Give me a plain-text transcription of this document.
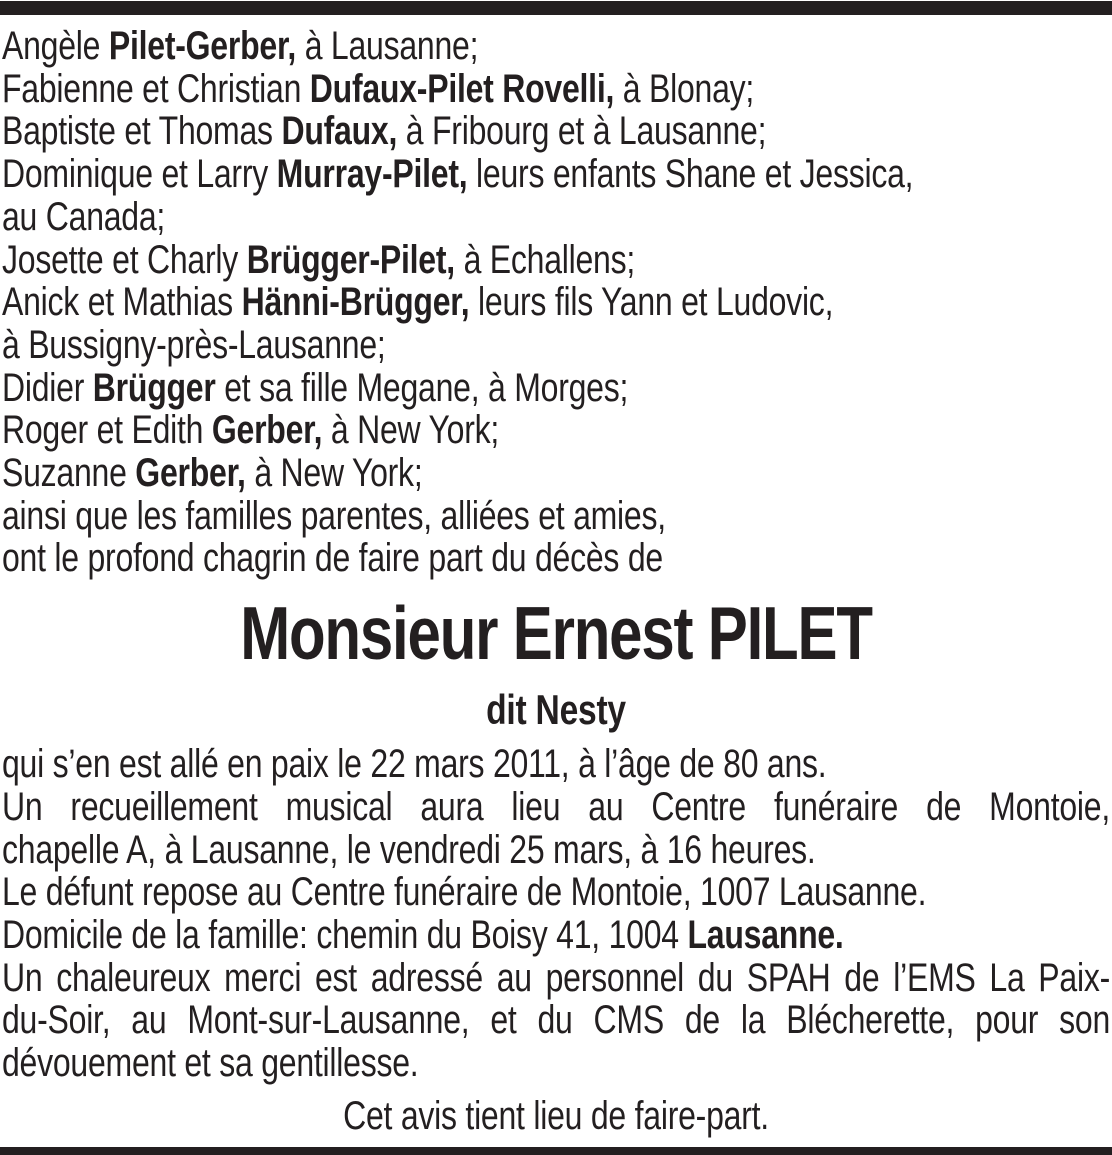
Angèle Pilet-Gerber, à Lausanne;
Fabienne et Christian Dufaux-Pilet Rovelli, à Blonay;
Baptiste et Thomas Dufaux, à Fribourg et à Lausanne;
Dominique et Larry Murray-Pilet, leurs enfants Shane et Jessica,
au Canada;
Josette et Charly Brügger-Pilet, à Echallens;
Anick et Mathias Hänni-Brügger, leurs fils Yann et Ludovic,
à Bussigny-près-Lausanne;
Didier Brügger et sa fille Megane, à Morges;
Roger et Edith Gerber, à New York;
Suzanne Gerber, à New York;
ainsi que les familles parentes, alliées et amies,
ont le profond chagrin de faire part du décès de
Monsieur Ernest PILET
dit Nesty
qui s’en est allé en paix le 22 mars 2011, à l’âge de 80 ans.
Un recueillement musical aura lieu au Centre funéraire de Montoie,
chapelle A, à Lausanne, le vendredi 25 mars, à 16 heures.
Le défunt repose au Centre funéraire de Montoie, 1007 Lausanne.
Domicile de la famille: chemin du Boisy 41, 1004 Lausanne.
Un chaleureux merci est adressé au personnel du SPAH de l’EMS La Paix-
du-Soir, au Mont-sur-Lausanne, et du CMS de la Blécherette, pour son
dévouement et sa gentillesse.
Cet avis tient lieu de faire-part.
